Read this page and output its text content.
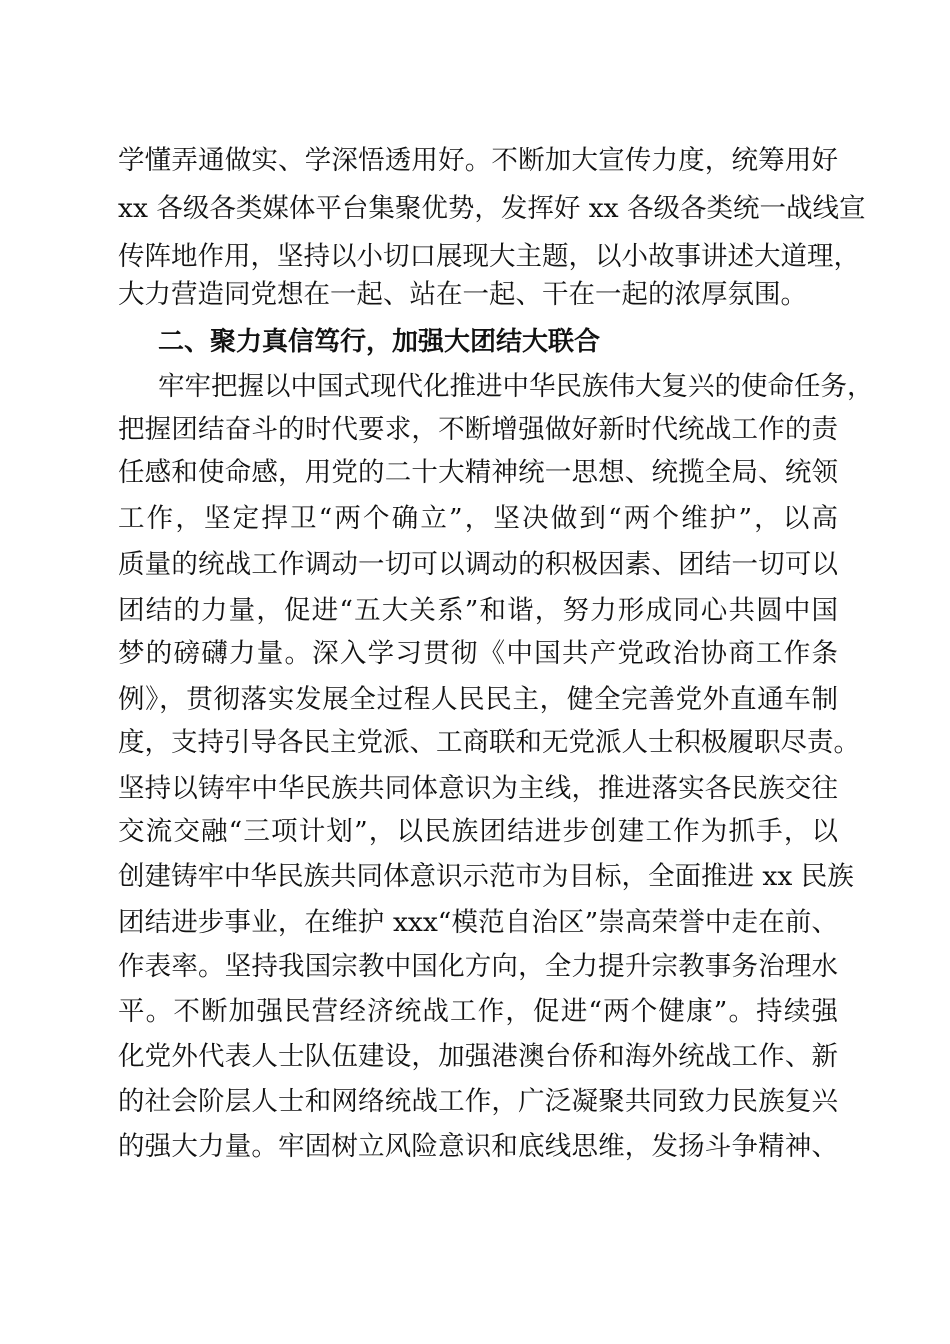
学懂弄通做实、学深悟透用好。不断加大宣传力度，统筹用好
xx 各级各类媒体平台集聚优势，发挥好 xx 各级各类统一战线宣
传阵地作用，坚持以小切口展现大主题，以小故事讲述大道理，
大力营造同党想在一起、站在一起、干在一起的浓厚氛围。
二、聚力真信笃行，加强大团结大联合
牢牢把握以中国式现代化推进中华民族伟大复兴的使命任务，
把握团结奋斗的时代要求，不断增强做好新时代统战工作的责
任感和使命感，用党的二十大精神统一思想、统揽全局、统领
工作，坚定捍卫“两个确立”，坚决做到“两个维护”，以高
质量的统战工作调动一切可以调动的积极因素、团结一切可以
团结的力量，促进“五大关系”和谐，努力形成同心共圆中国
梦的磅礴力量。深入学习贯彻《中国共产党政治协商工作条
例》，贯彻落实发展全过程人民民主，健全完善党外直通车制
度，支持引导各民主党派、工商联和无党派人士积极履职尽责。
坚持以铸牢中华民族共同体意识为主线，推进落实各民族交往
交流交融“三项计划”，以民族团结进步创建工作为抓手，以
创建铸牢中华民族共同体意识示范市为目标，全面推进 xx 民族
团结进步事业，在维护 xxx“模范自治区”崇高荣誉中走在前、
作表率。坚持我国宗教中国化方向，全力提升宗教事务治理水
平。不断加强民营经济统战工作，促进“两个健康”。持续强
化党外代表人士队伍建设，加强港澳台侨和海外统战工作、新
的社会阶层人士和网络统战工作，广泛凝聚共同致力民族复兴
的强大力量。牢固树立风险意识和底线思维，发扬斗争精神、
